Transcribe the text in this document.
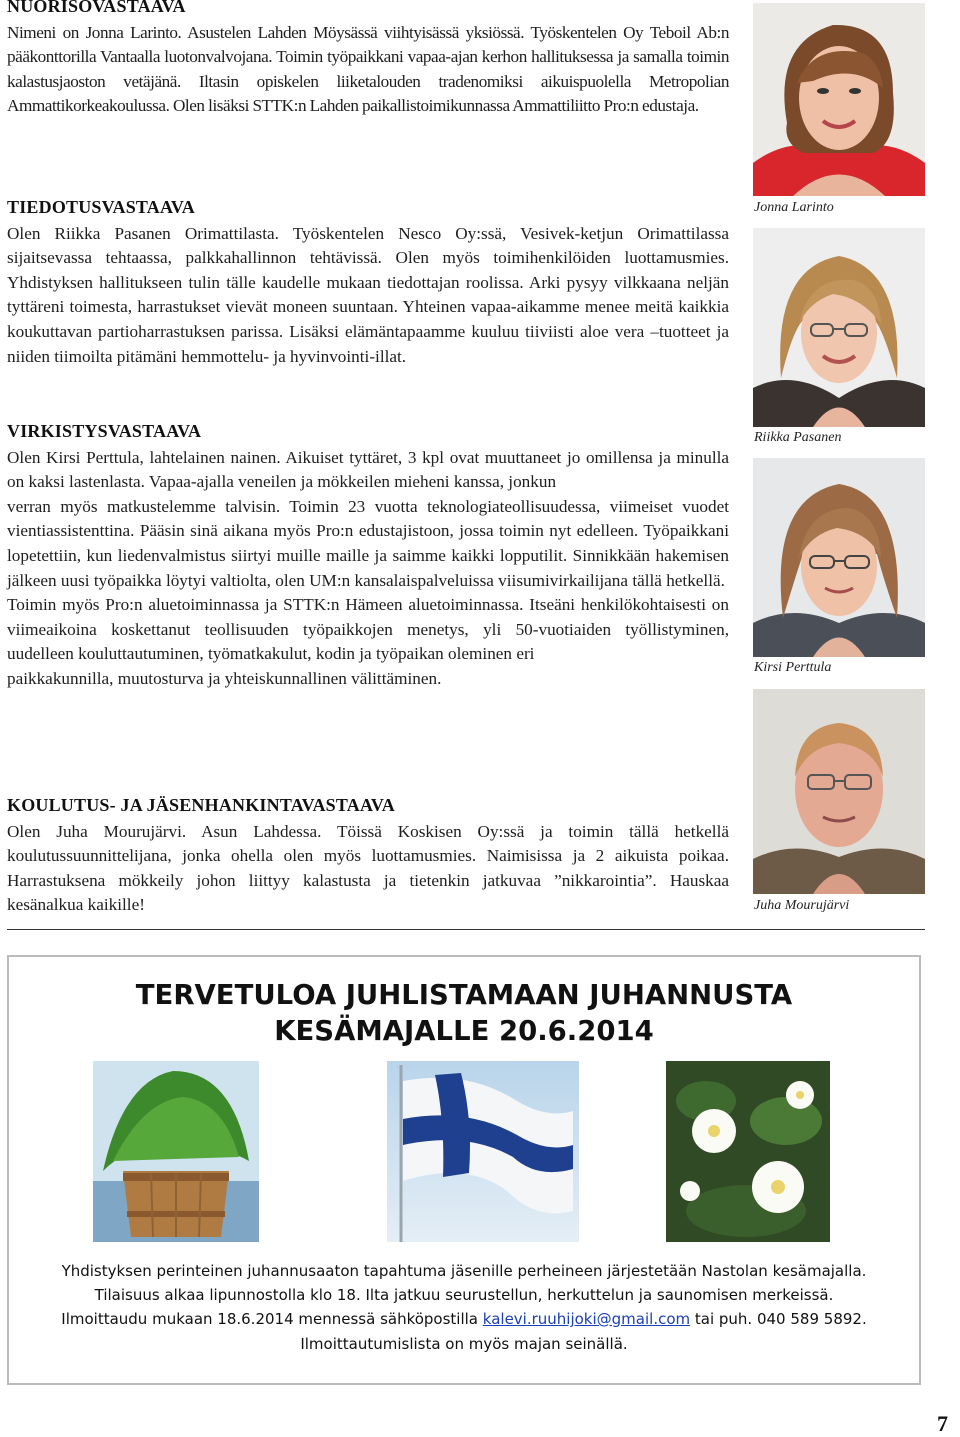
NUORISOVASTAAVA

Nimeni on Jonna Larinto. Asustelen Lahden Möysässä viihtyisässä yksiössä. Työskentelen Oy Teboil Ab:n pääkonttorilla Vantaalla luotonvalvojana. Toimin työpaikkani vapaa-ajan kerhon hallituksessa ja samalla toimin kalastusjaoston vetäjänä. Iltasin opiskelen liiketalouden tradenomiksi aikuispuolella Metropolian Ammattikorkeakoulussa. Olen lisäksi STTK:n Lahden paikallistoimikunnassa Ammattiliitto Pro:n edustaja.

TIEDOTUSVASTAAVA

Olen Riikka Pasanen Orimattilasta. Työskentelen Nesco Oy:ssä, Vesivek-ketjun Orimattilassa sijaitsevassa tehtaassa, palkkahallinnon tehtävissä. Olen myös toimihenkilöiden luottamusmies. Yhdistyksen hallitukseen tulin tälle kaudelle mukaan tiedottajan roolissa. Arki pysyy vilkkaana neljän tyttäreni toimesta, harrastukset vievät moneen suuntaan. Yhteinen vapaa-aikamme menee meitä kaikkia koukuttavan partioharrastuksen parissa. Lisäksi elämäntapaamme kuuluu tiiviisti aloe vera –tuotteet ja niiden tiimoilta pitämäni hemmottelu- ja hyvinvointi-illat.

VIRKISTYSVASTAAVA

Olen Kirsi Perttula, lahtelainen nainen. Aikuiset tyttäret, 3 kpl ovat muuttaneet jo omillensa ja minulla on kaksi lastenlasta. Vapaa-ajalla veneilen ja mökkeilen mieheni kanssa, jonkun

verran myös matkustelemme talvisin. Toimin 23 vuotta teknologiateollisuudessa, viimeiset vuodet vientiassistenttina. Pääsin sinä aikana myös Pro:n edustajistoon, jossa toimin nyt edelleen. Työpaikkani lopetettiin, kun liedenvalmistus siirtyi muille maille ja saimme kaikki lopputilit. Sinnikkään hakemisen jälkeen uusi työpaikka löytyi valtiolta, olen UM:n kansalaispalveluissa viisumivirkailijana tällä hetkellä.

Toimin myös Pro:n aluetoiminnassa ja STTK:n Hämeen aluetoiminnassa. Itseäni henkilökohtaisesti on viimeaikoina koskettanut teollisuuden työpaikkojen menetys, yli 50-vuotiaiden työllistyminen, uudelleen kouluttautuminen, työmatkakulut, kodin ja työpaikan oleminen eri

paikkakunnilla, muutosturva ja yhteiskunnallinen välittäminen.

KOULUTUS- JA JÄSENHANKINTAVASTAAVA

Olen Juha Mourujärvi. Asun Lahdessa. Töissä Koskisen Oy:ssä ja toimin tällä hetkellä koulutussuunnittelijana, jonka ohella olen myös luottamusmies. Naimisissa ja 2 aikuista poikaa. Harrastuksena mökkeily johon liittyy kalastusta ja tietenkin jatkuvaa ”nikkarointia”. Hauskaa kesänalkua kaikille!

Jonna Larinto
Riikka Pasanen
Kirsi Perttula
Juha Mourujärvi
TERVETULOA JUHLISTAMAAN JUHANNUSTA
KESÄMAJALLE 20.6.2014
Yhdistyksen perinteinen juhannusaaton tapahtuma jäsenille perheineen järjestetään Nastolan kesämajalla.
Tilaisuus alkaa lipunnostolla klo 18. Ilta jatkuu seurustellun, herkuttelun ja saunomisen merkeissä.
Ilmoittaudu mukaan 18.6.2014 mennessä sähköpostilla kalevi.ruuhijoki@gmail.com tai puh. 040 589 5892.
Ilmoittautumislista on myös majan seinällä.
7
